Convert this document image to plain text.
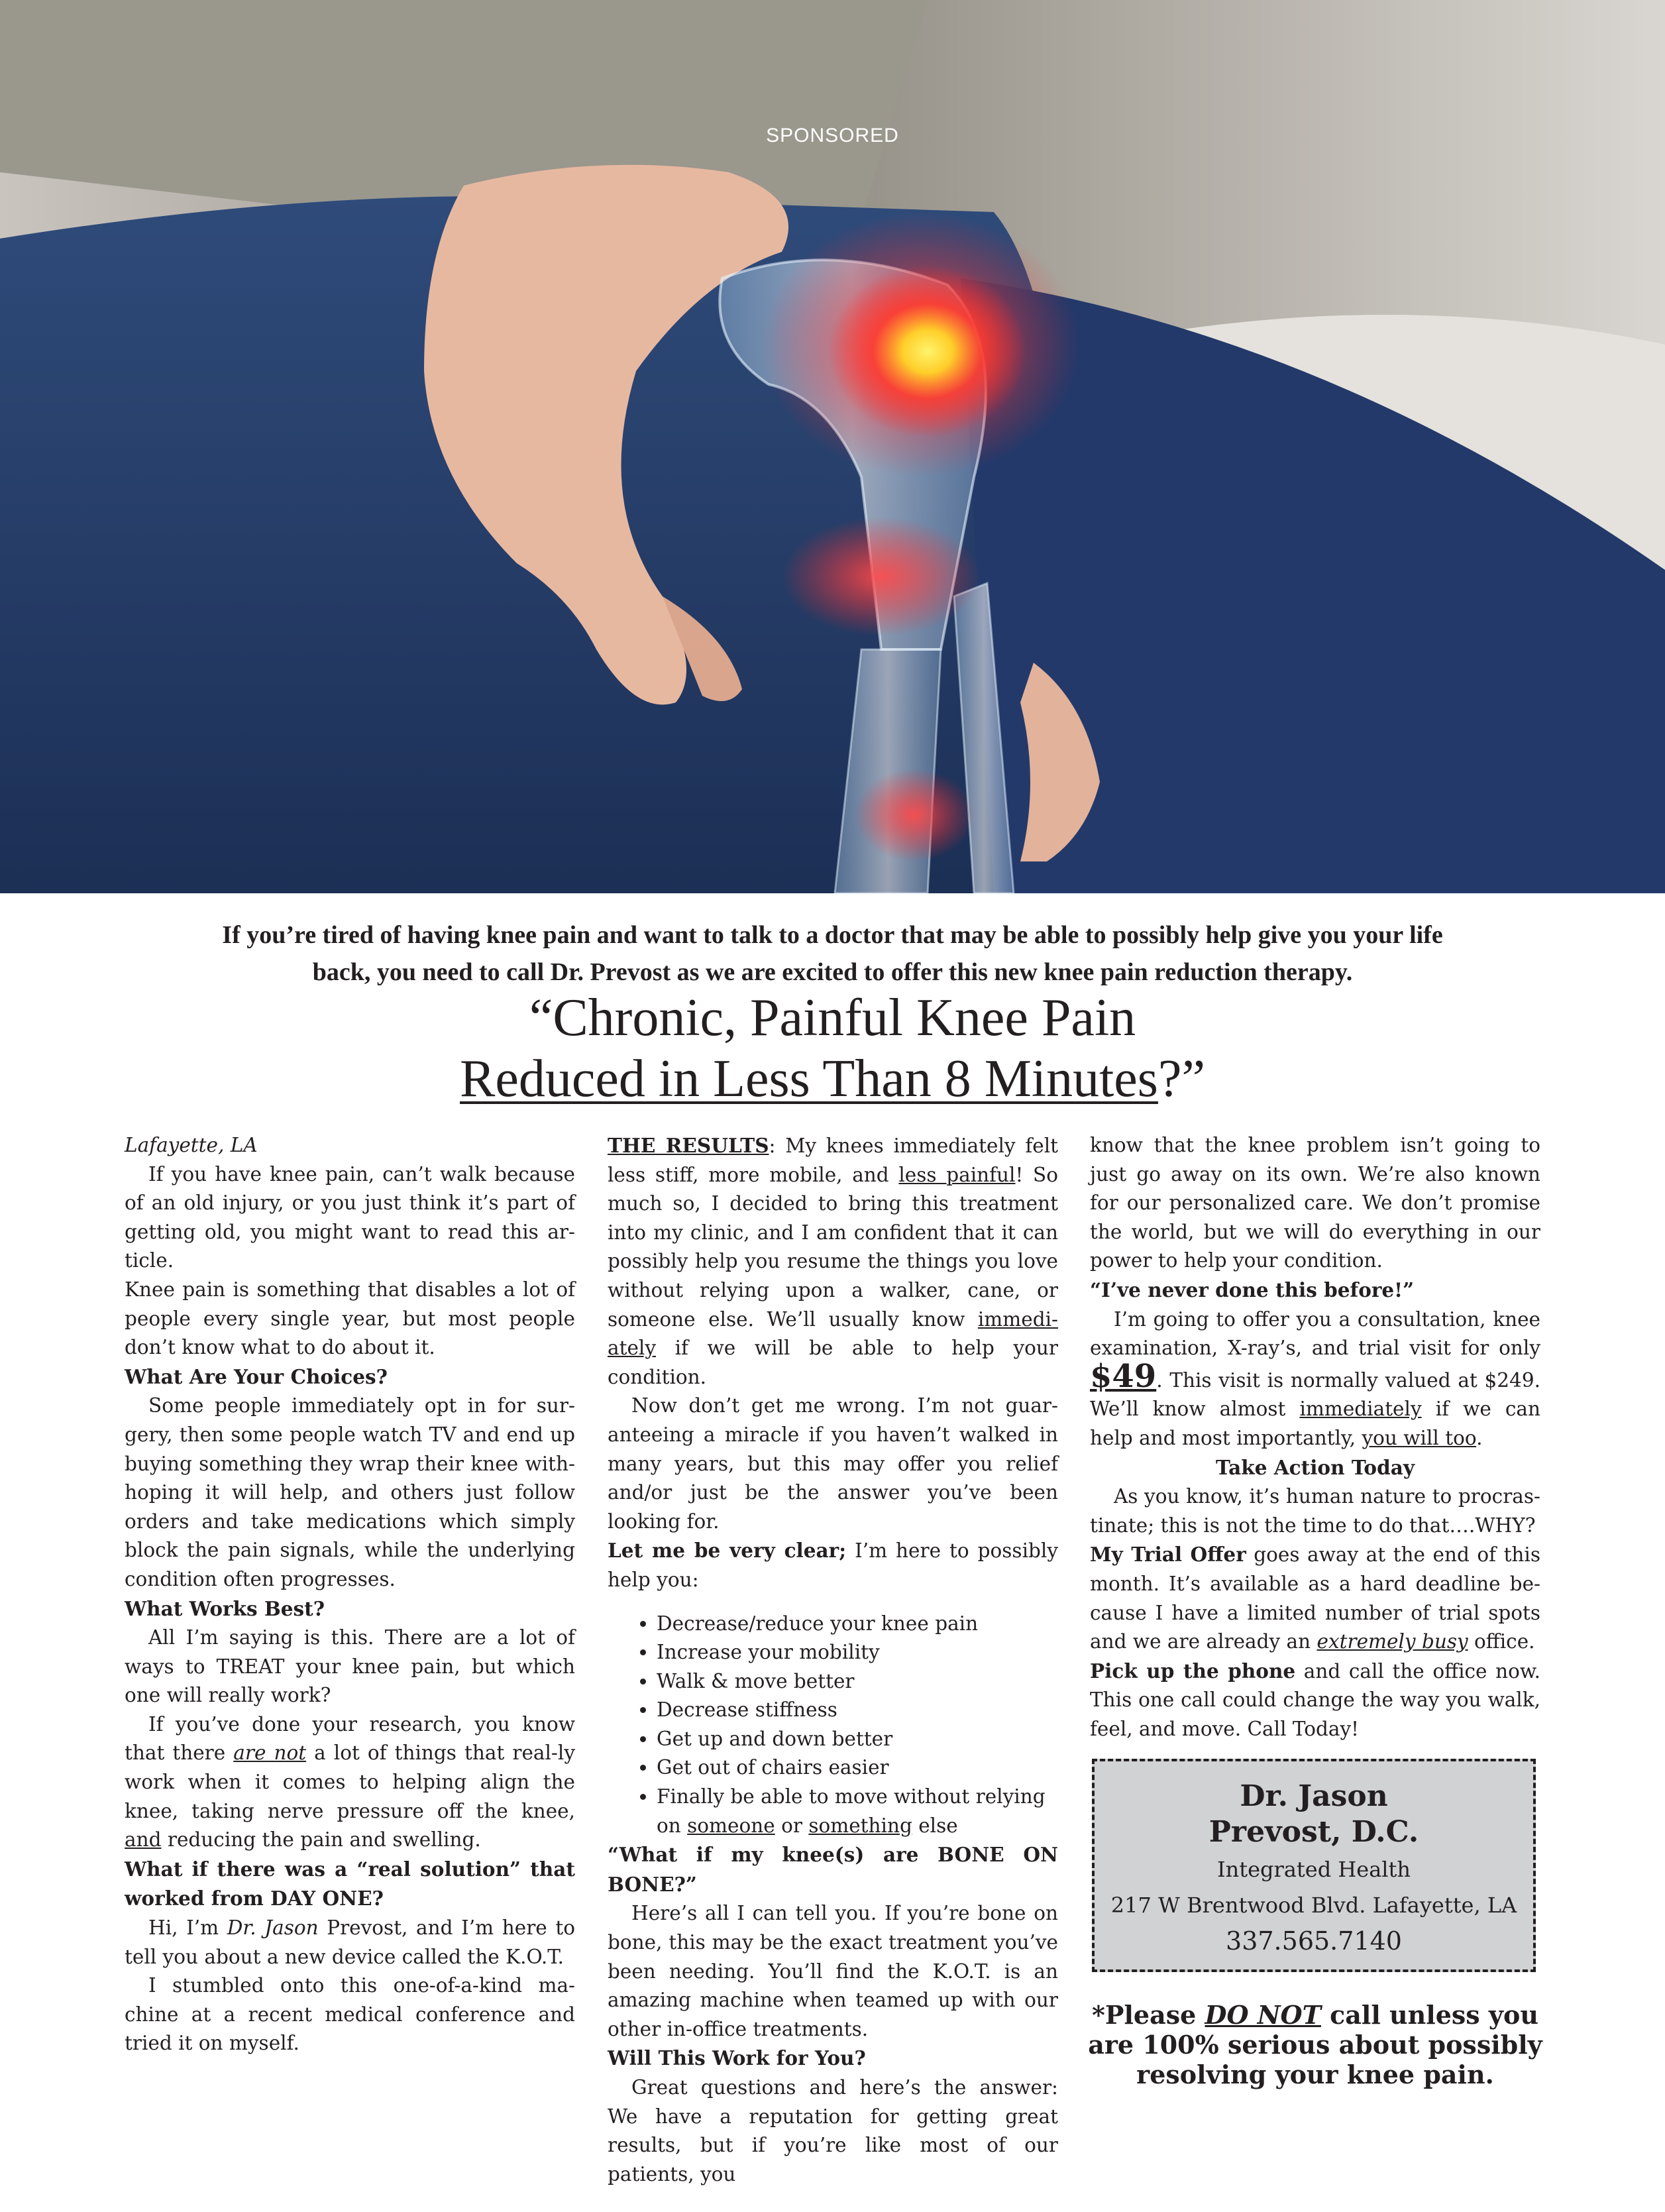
SPONSORED
If you’re tired of having knee pain and want to talk to a doctor that may be able to possibly help give you your life
back, you need to call Dr. Prevost as we are excited to offer this new knee pain reduction therapy.
“Chronic, Painful Knee Pain
Reduced in Less Than 8 Minutes?”

Lafayette, LA

If you have knee pain, can’t walk because of an old injury, or you just think it’s part of getting old, you might want to read this ar-ticle.

Knee pain is something that disables a lot of people every single year, but most people don’t know what to do about it.

What Are Your Choices?

Some people immediately opt in for sur-gery, then some people watch TV and end up buying something they wrap their knee with-hoping it will help, and others just follow orders and take medications which simply block the pain signals, while the underlying condition often progresses.

What Works Best?

All I’m saying is this. There are a lot of ways to TREAT your knee pain, but which one will really work?

If you’ve done your research, you know that there are not a lot of things that real-ly work when it comes to helping align the knee, taking nerve pressure off the knee, and reducing the pain and swelling.

What if there was a “real solution” that worked from DAY ONE?

Hi, I’m Dr. Jason Prevost, and I’m here to tell you about a new device called the K.O.T.

I stumbled onto this one-of-a-kind ma-chine at a recent medical conference and tried it on myself.

THE RESULTS: My knees immediately felt less stiff, more mobile, and less painful! So much so, I decided to bring this treatment into my clinic, and I am confident that it can possibly help you resume the things you love without relying upon a walker, cane, or someone else. We’ll usually know immedi-ately if we will be able to help your condition.

Now don’t get me wrong. I’m not guar-anteeing a miracle if you haven’t walked in many years, but this may offer you relief and/or just be the answer you’ve been looking for.

Let me be very clear; I’m here to possibly help you:

• Decrease/reduce your knee pain
• Increase your mobility
• Walk & move better
• Decrease stiffness
• Get up and down better
• Get out of chairs easier
• Finally be able to move without relying on someone or something else

“What if my knee(s) are BONE ON BONE?”

Here’s all I can tell you. If you’re bone on bone, this may be the exact treatment you’ve been needing. You’ll find the K.O.T. is an amazing machine when teamed up with our other in-office treatments.

Will This Work for You?

Great questions and here’s the answer: We have a reputation for getting great results, but if you’re like most of our patients, you

know that the knee problem isn’t going to just go away on its own. We’re also known for our personalized care. We don’t promise the world, but we will do everything in our power to help your condition.

“I’ve never done this before!”

I’m going to offer you a consultation, knee examination, X-ray’s, and trial visit for only $49. This visit is normally valued at $249. We’ll know almost immediately if we can help and most importantly, you will too.

Take Action Today

As you know, it’s human nature to procras-tinate; this is not the time to do that….WHY?

My Trial Offer goes away at the end of this month. It’s available as a hard deadline be-cause I have a limited number of trial spots and we are already an extremely busy office.

Pick up the phone and call the office now. This one call could change the way you walk, feel, and move. Call Today!

Dr. Jason
Prevost, D.C.
Integrated Health
217 W Brentwood Blvd. Lafayette, LA
337.565.7140
*Please DO NOT call unless you are 100% serious about possibly resolving your knee pain.
